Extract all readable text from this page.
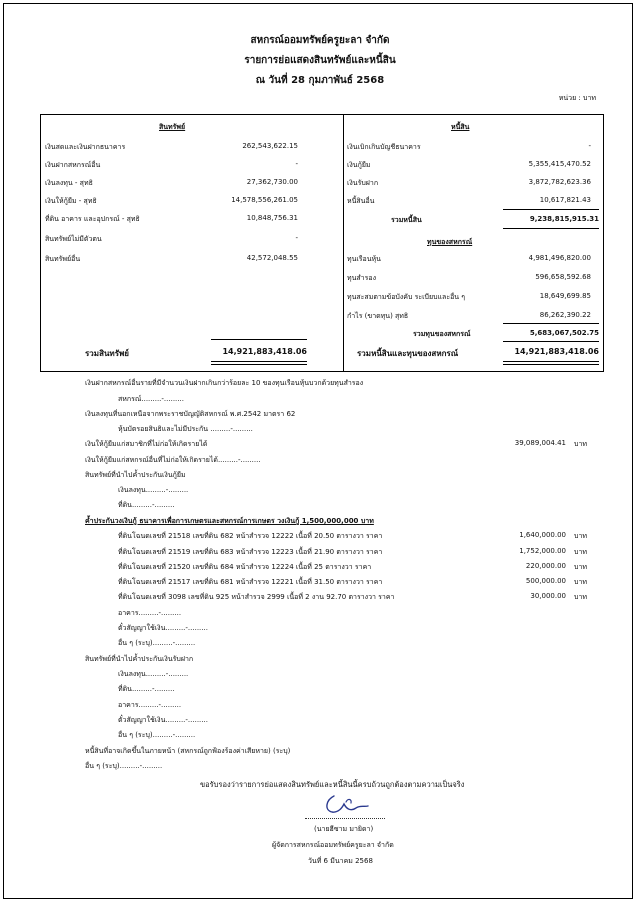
สหกรณ์ออมทรัพย์ครูยะลา จำกัด
รายการย่อแสดงสินทรัพย์และหนี้สิน
ณ วันที่ 28 กุมภาพันธ์ 2568
หน่วย : บาท
สินทรัพย์
เงินสดและเงินฝากธนาคาร	262,543,622.15
เงินฝากสหกรณ์อื่น	-
เงินลงทุน - สุทธิ	27,362,730.00
เงินให้กู้ยืม - สุทธิ	14,578,556,261.05
ที่ดิน อาคาร และอุปกรณ์ - สุทธิ	10,848,756.31
สินทรัพย์ไม่มีตัวตน	-
สินทรัพย์อื่น	42,572,048.55
รวมสินทรัพย์	14,921,883,418.06
หนี้สิน
เงินเบิกเกินบัญชีธนาคาร	-
เงินกู้ยืม	5,355,415,470.52
เงินรับฝาก	3,872,782,623.36
หนี้สินอื่น	10,617,821.43
รวมหนี้สิน	9,238,815,915.31
ทุนของสหกรณ์
ทุนเรือนหุ้น	4,981,496,820.00
ทุนสำรอง	596,658,592.68
ทุนสะสมตามข้อบังคับ ระเบียบและอื่น ๆ	18,649,699.85
กำไร (ขาดทุน) สุทธิ	86,262,390.22
รวมทุนของสหกรณ์	5,683,067,502.75
รวมหนี้สินและทุนของสหกรณ์	14,921,883,418.06
เงินฝากสหกรณ์อื่นรายที่มีจำนวนเงินฝากเกินกว่าร้อยละ 10 ของทุนเรือนหุ้นบวกด้วยทุนสำรอง
สหกรณ์.........-.........
เงินลงทุนที่นอกเหนือจากพระราชบัญญัติสหกรณ์ พ.ศ.2542 มาตรา 62
หุ้นบัตรอยสินธิและไม่มีประกัน .........-.........
เงินให้กู้ยืมแก่สมาชิกที่ไม่ก่อให้เกิดรายได้	39,089,004.41 บาท
เงินให้กู้ยืมแก่สหกรณ์อื่นที่ไม่ก่อให้เกิดรายได้.........-.........
สินทรัพย์ที่นำไปค้ำประกันเงินกู้ยืม
เงินลงทุน.........-.........
ที่ดิน.........-.........
ค้ำประกันวงเงินกู้ ธนาคารเพื่อการเกษตรและสหกรณ์การเกษตร วงเงินกู้ 1,500,000,000 บาท
ที่ดินโฉนดเลขที่ 21518 เลขที่ดิน 682 หน้าสำรวจ 12222 เนื้อที่ 20.50 ตารางวา ราคา	1,640,000.00 บาท
ที่ดินโฉนดเลขที่ 21519 เลขที่ดิน 683 หน้าสำรวจ 12223 เนื้อที่ 21.90 ตารางวา ราคา	1,752,000.00 บาท
ที่ดินโฉนดเลขที่ 21520 เลขที่ดิน 684 หน้าสำรวจ 12224 เนื้อที่ 25 ตารางวา ราคา	220,000.00 บาท
ที่ดินโฉนดเลขที่ 21517 เลขที่ดิน 681 หน้าสำรวจ 12221 เนื้อที่ 31.50 ตารางวา ราคา	500,000.00 บาท
ที่ดินโฉนดเลขที่ 3098 เลขที่ดิน 925 หน้าสำรวจ 2999 เนื้อที่ 2 งาน 92.70 ตารางวา ราคา	30,000.00 บาท
อาคาร.........-.........
ตั๋วสัญญาใช้เงิน.........-.........
อื่น ๆ (ระบุ).........-.........
สินทรัพย์ที่นำไปค้ำประกันเงินรับฝาก
เงินลงทุน.........-.........
ที่ดิน.........-.........
อาคาร.........-.........
ตั๋วสัญญาใช้เงิน.........-.........
อื่น ๆ (ระบุ).........-.........
หนี้สินที่อาจเกิดขึ้นในภายหน้า (สหกรณ์ถูกฟ้องร้องค่าเสียหาย) (ระบุ)
อื่น ๆ (ระบุ).........-.........
ขอรับรองว่ารายการย่อแสดงสินทรัพย์และหนี้สินนี้ครบถ้วนถูกต้องตามความเป็นจริง
(นายฮีซาม มายิดา)
ผู้จัดการสหกรณ์ออมทรัพย์ครูยะลา จำกัด
วันที่ 6 มีนาคม 2568
